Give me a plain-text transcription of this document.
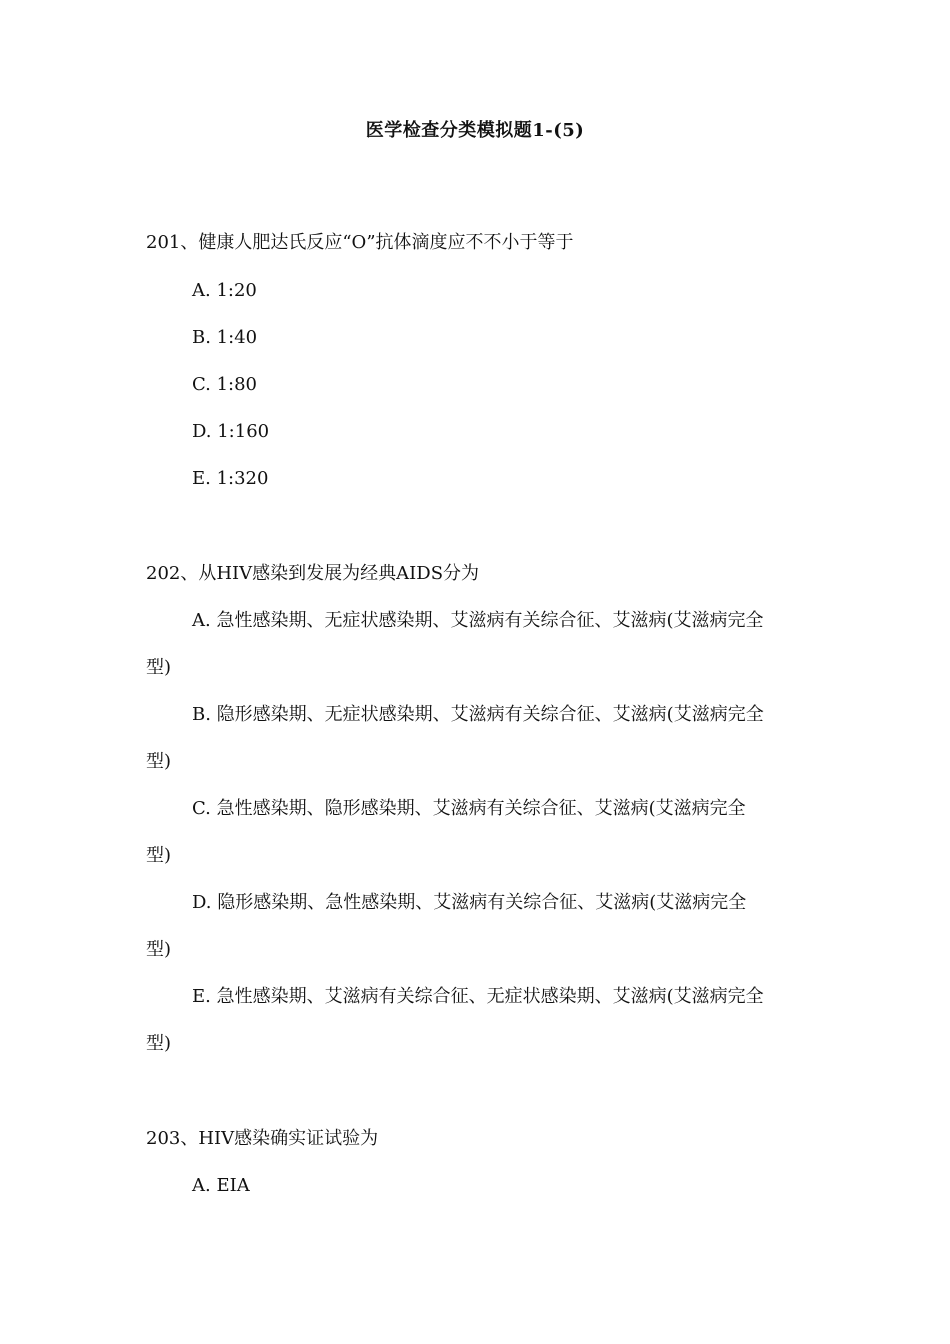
医学检查分类模拟题1-(5)
201、健康人肥达氏反应“O”抗体滴度应不不小于等于
A. 1:20
B. 1:40
C. 1:80
D. 1:160
E. 1:320
202、从HIV感染到发展为经典AIDS分为
A. 急性感染期、无症状感染期、艾滋病有关综合征、艾滋病(艾滋病完全
型)
B. 隐形感染期、无症状感染期、艾滋病有关综合征、艾滋病(艾滋病完全
型)
C. 急性感染期、隐形感染期、艾滋病有关综合征、艾滋病(艾滋病完全
型)
D. 隐形感染期、急性感染期、艾滋病有关综合征、艾滋病(艾滋病完全
型)
E. 急性感染期、艾滋病有关综合征、无症状感染期、艾滋病(艾滋病完全
型)
203、HIV感染确实证试验为
A. EIA
